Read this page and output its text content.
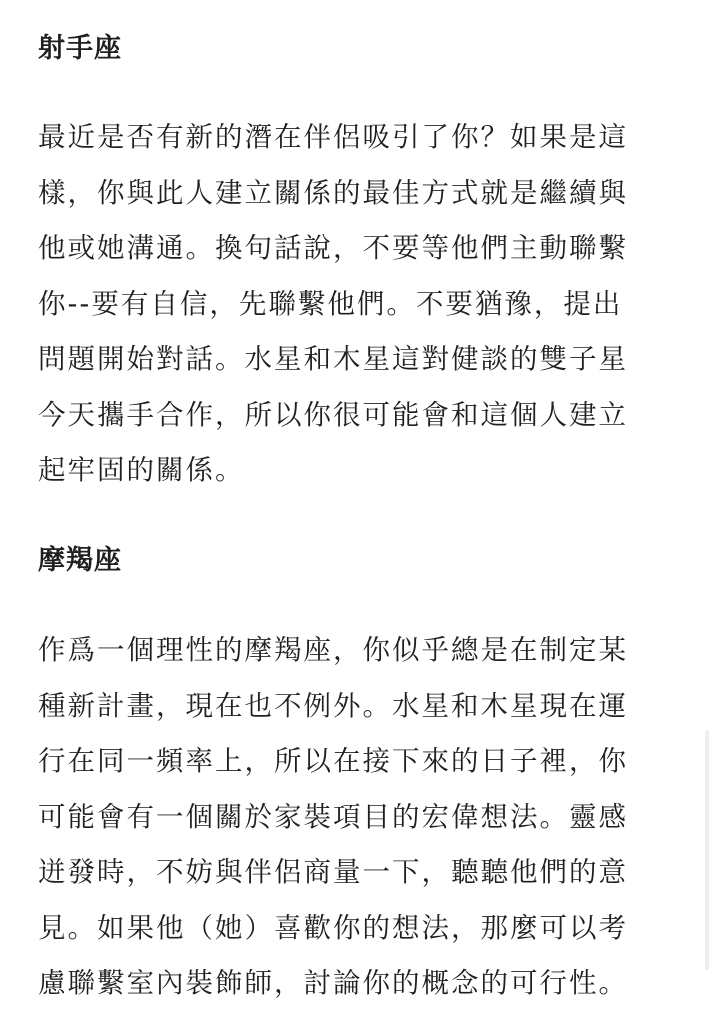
射手座
最近是否有新的潛在伴侶吸引了你？如果是這
樣，你與此人建立關係的最佳方式就是繼續與
他或她溝通。換句話說，不要等他們主動聯繫
你--要有自信，先聯繫他們。不要猶豫，提出
問題開始對話。水星和木星這對健談的雙子星
今天攜手合作，所以你很可能會和這個人建立
起牢固的關係。
摩羯座
作爲一個理性的摩羯座，你似乎總是在制定某
種新計畫，現在也不例外。水星和木星現在運
行在同一頻率上，所以在接下來的日子裡，你
可能會有一個關於家裝項目的宏偉想法。靈感
迸發時，不妨與伴侶商量一下，聽聽他們的意
見。如果他（她）喜歡你的想法，那麼可以考
慮聯繫室內裝飾師，討論你的概念的可行性。
